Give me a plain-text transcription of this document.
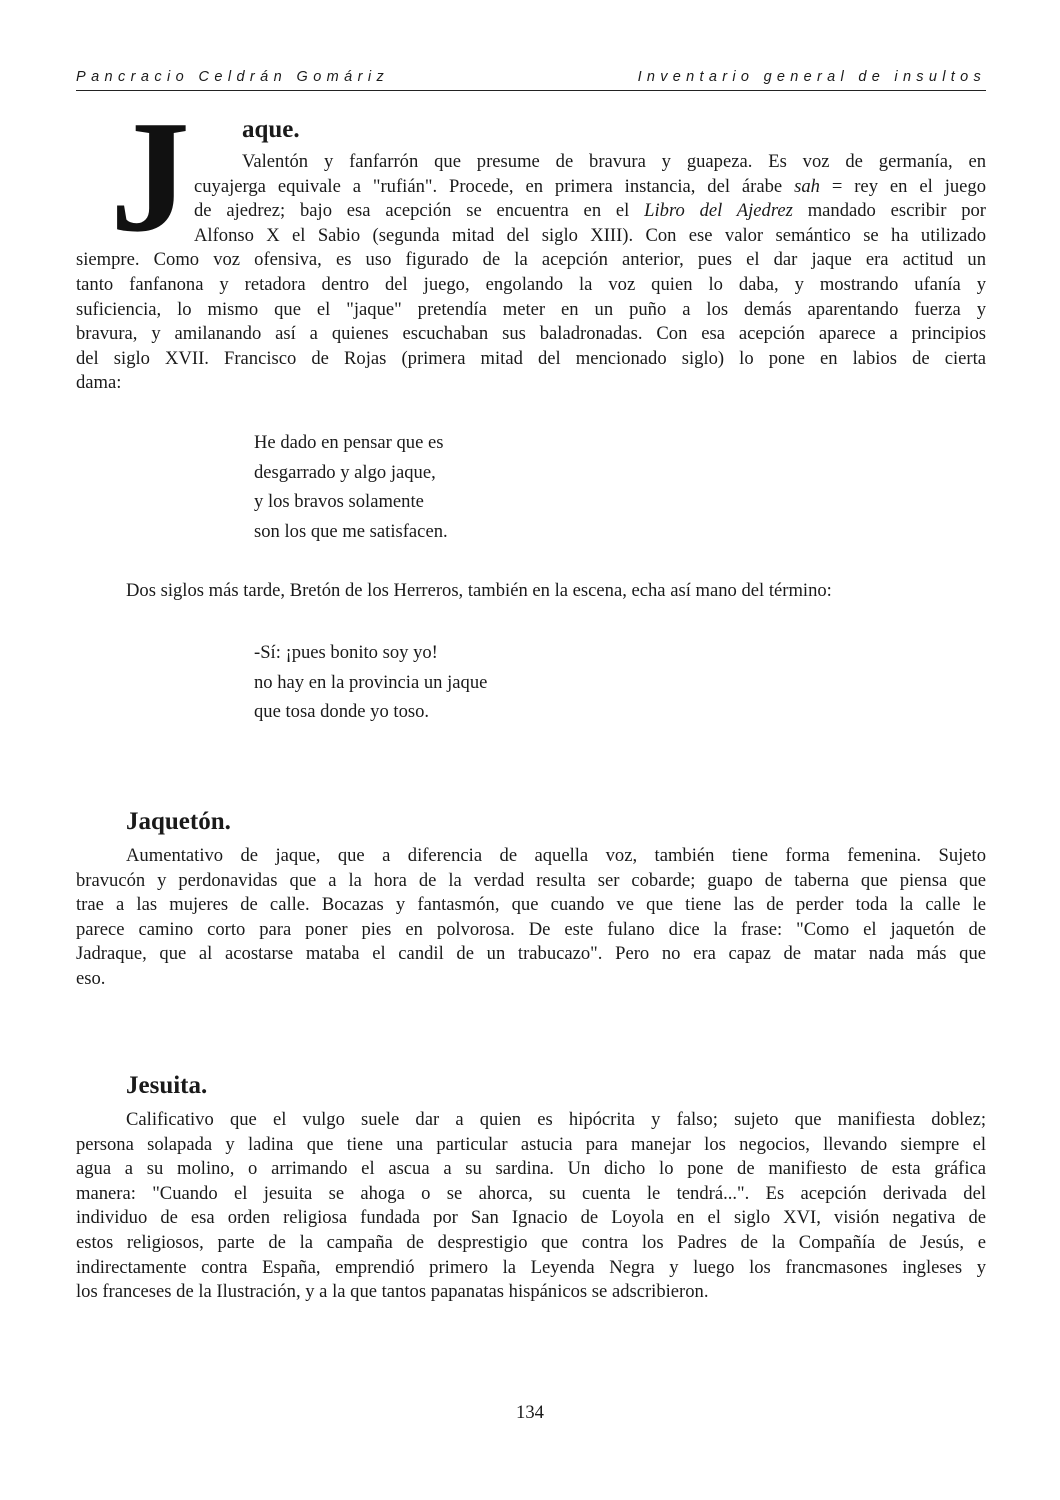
Pancracio Celdrán Gomáriz	Inventario general de insultos
J aque.
Valentón y fanfarrón que presume de bravura y guapeza. Es voz de germanía, en
cuyajerga equivale a "rufián". Procede, en primera instancia, del árabe sah = rey en el juego
de ajedrez; bajo esa acepción se encuentra en el Libro del Ajedrez mandado escribir por
Alfonso X el Sabio (segunda mitad del siglo XIII). Con ese valor semántico se ha utilizado
siempre. Como voz ofensiva, es uso figurado de la acepción anterior, pues el dar jaque era actitud un
tanto fanfanona y retadora dentro del juego, engolando la voz quien lo daba, y mostrando ufanía y
suficiencia, lo mismo que el "jaque" pretendía meter en un puño a los demás aparentando fuerza y
bravura, y amilanando así a quienes escuchaban sus baladronadas. Con esa acepción aparece a principios
del siglo XVII. Francisco de Rojas (primera mitad del mencionado siglo) lo pone en labios de cierta
dama:
He dado en pensar que es
desgarrado y algo jaque,
y los bravos solamente
son los que me satisfacen.
Dos siglos más tarde, Bretón de los Herreros, también en la escena, echa así mano del término:
-Sí: ¡pues bonito soy yo!
no hay en la provincia un jaque
que tosa donde yo toso.
Jaquetón.
Aumentativo de jaque, que a diferencia de aquella voz, también tiene forma femenina. Sujeto
bravucón y perdonavidas que a la hora de la verdad resulta ser cobarde; guapo de taberna que piensa que
trae a las mujeres de calle. Bocazas y fantasmón, que cuando ve que tiene las de perder toda la calle le
parece camino corto para poner pies en polvorosa. De este fulano dice la frase: "Como el jaquetón de
Jadraque, que al acostarse mataba el candil de un trabucazo". Pero no era capaz de matar nada más que
eso.
Jesuita.
Calificativo que el vulgo suele dar a quien es hipócrita y falso; sujeto que manifiesta doblez;
persona solapada y ladina que tiene una particular astucia para manejar los negocios, llevando siempre el
agua a su molino, o arrimando el ascua a su sardina. Un dicho lo pone de manifiesto de esta gráfica
manera: "Cuando el jesuita se ahoga o se ahorca, su cuenta le tendrá...". Es acepción derivada del
individuo de esa orden religiosa fundada por San Ignacio de Loyola en el siglo XVI, visión negativa de
estos religiosos, parte de la campaña de desprestigio que contra los Padres de la Compañía de Jesús, e
indirectamente contra España, emprendió primero la Leyenda Negra y luego los francmasones ingleses y
los franceses de la Ilustración, y a la que tantos papanatas hispánicos se adscribieron.
134
